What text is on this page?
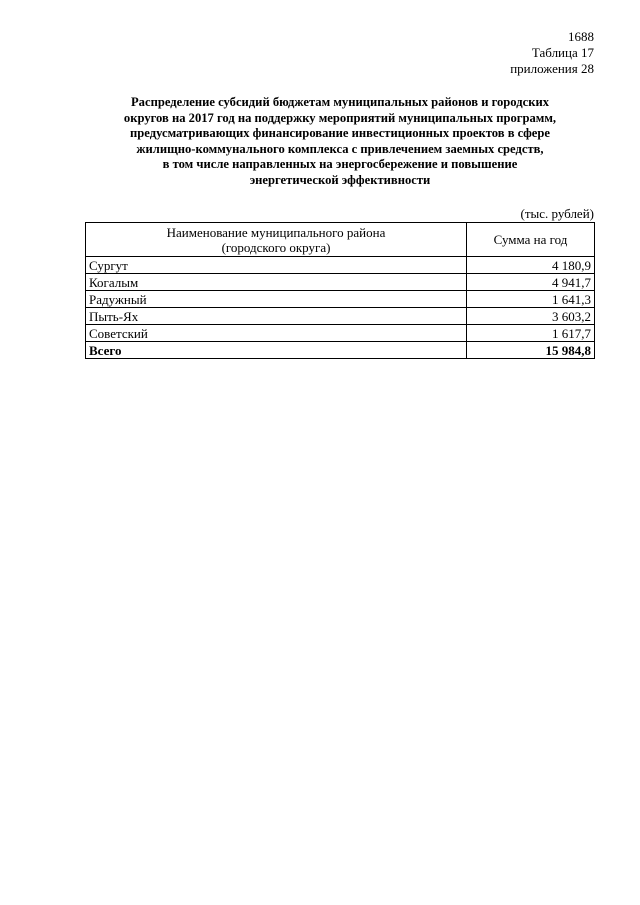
1688
Таблица 17
приложения 28
Распределение субсидий бюджетам муниципальных районов и городских
округов на 2017 год на поддержку мероприятий муниципальных программ,
предусматривающих финансирование инвестиционных проектов в сфере
жилищно-коммунального комплекса с привлечением заемных средств,
в том числе направленных на энергосбережение и повышение
энергетической эффективности
(тыс. рублей)
Наименование муниципального района
(городского округа)	Сумма на год
Сургут	4 180,9
Когалым	4 941,7
Радужный	1 641,3
Пыть-Ях	3 603,2
Советский	1 617,7
Всего	15 984,8
